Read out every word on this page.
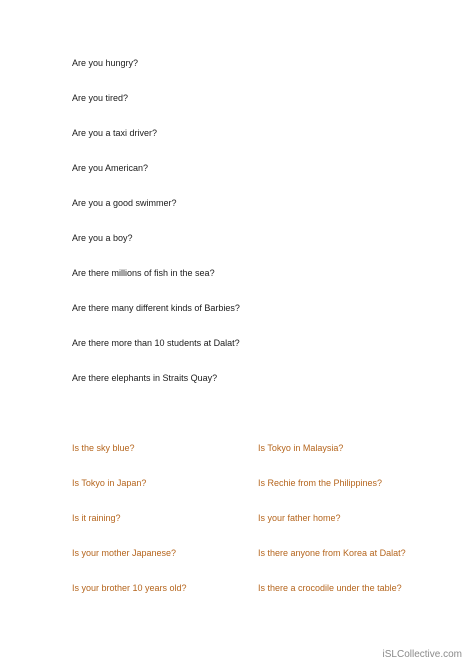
Are you hungry?
Are you tired?
Are you a taxi driver?
Are you American?
Are you a good swimmer?
Are you a boy?
Are there millions of fish in the sea?
Are there many different kinds of Barbies?
Are there more than 10 students at Dalat?
Are there elephants in Straits Quay?
Is the sky blue?
Is Tokyo in Japan?
Is it raining?
Is your mother Japanese?
Is your brother 10 years old?
Is Tokyo in Malaysia?
Is Rechie from the Philippines?
Is your father home?
Is there anyone from Korea at Dalat?
Is there a crocodile under the table?
iSLCollective.com
